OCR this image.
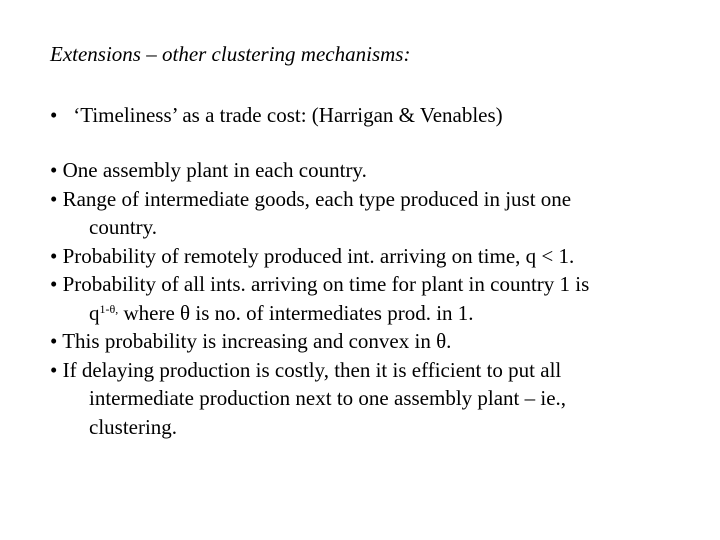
Extensions – other clustering mechanisms:
• ‘Timeliness’ as a trade cost: (Harrigan & Venables)
• One assembly plant in each country.
• Range of intermediate goods, each type produced in just one
country.
• Probability of remotely produced int. arriving on time, q < 1.
• Probability of all ints. arriving on time for plant in country 1 is
$q^{1-\theta,}$ where θ is no. of intermediates prod. in 1.
• This probability is increasing and convex in θ.
• If delaying production is costly, then it is efficient to put all
intermediate production next to one assembly plant – ie.,
clustering.
